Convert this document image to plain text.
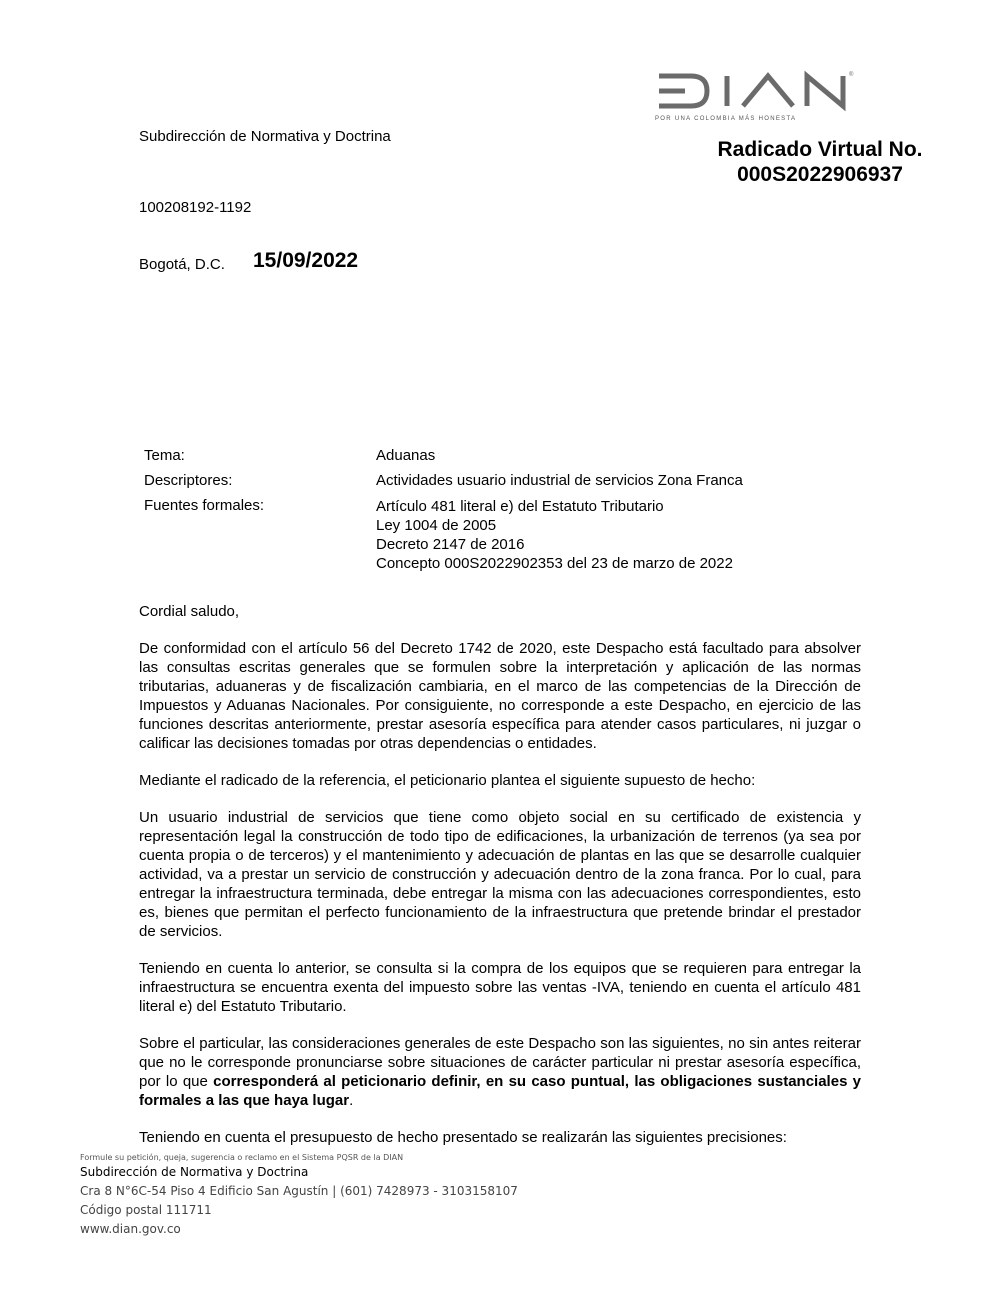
®
POR UNA COLOMBIA MÁS HONESTA
Subdirección de Normativa y Doctrina
Radicado Virtual No.
000S2022906937
100208192-1192
Bogotá, D.C. 15/09/2022
Tema:	Aduanas
Descriptores:	Actividades usuario industrial de servicios Zona Franca
Fuentes formales:	Artículo 481 literal e) del Estatuto Tributario
Ley 1004 de 2005
Decreto 2147 de 2016
Concepto 000S2022902353 del 23 de marzo de 2022

Cordial saludo,

De conformidad con el artículo 56 del Decreto 1742 de 2020, este Despacho está facultado para absolver las consultas escritas generales que se formulen sobre la interpretación y aplicación de las normas tributarias, aduaneras y de fiscalización cambiaria, en el marco de las competencias de la Dirección de Impuestos y Aduanas Nacionales. Por consiguiente, no corresponde a este Despacho, en ejercicio de las funciones descritas anteriormente, prestar asesoría específica para atender casos particulares, ni juzgar o calificar las decisiones tomadas por otras dependencias o entidades.

Mediante el radicado de la referencia, el peticionario plantea el siguiente supuesto de hecho:

Un usuario industrial de servicios que tiene como objeto social en su certificado de existencia y representación legal la construcción de todo tipo de edificaciones, la urbanización de terrenos (ya sea por cuenta propia o de terceros) y el mantenimiento y adecuación de plantas en las que se desarrolle cualquier actividad, va a prestar un servicio de construcción y adecuación dentro de la zona franca. Por lo cual, para entregar la infraestructura terminada, debe entregar la misma con las adecuaciones correspondientes, esto es, bienes que permitan el perfecto funcionamiento de la infraestructura que pretende brindar el prestador de servicios.

Teniendo en cuenta lo anterior, se consulta si la compra de los equipos que se requieren para entregar la infraestructura se encuentra exenta del impuesto sobre las ventas -IVA, teniendo en cuenta el artículo 481 literal e) del Estatuto Tributario.

Sobre el particular, las consideraciones generales de este Despacho son las siguientes, no sin antes reiterar que no le corresponde pronunciarse sobre situaciones de carácter particular ni prestar asesoría específica, por lo que corresponderá al peticionario definir, en su caso puntual, las obligaciones sustanciales y formales a las que haya lugar.

Teniendo en cuenta el presupuesto de hecho presentado se realizarán las siguientes precisiones:

Formule su petición, queja, sugerencia o reclamo en el Sistema PQSR de la DIAN
Subdirección de Normativa y Doctrina
Cra 8 N°6C-54 Piso 4 Edificio San Agustín | (601) 7428973 - 3103158107
Código postal 111711
www.dian.gov.co
